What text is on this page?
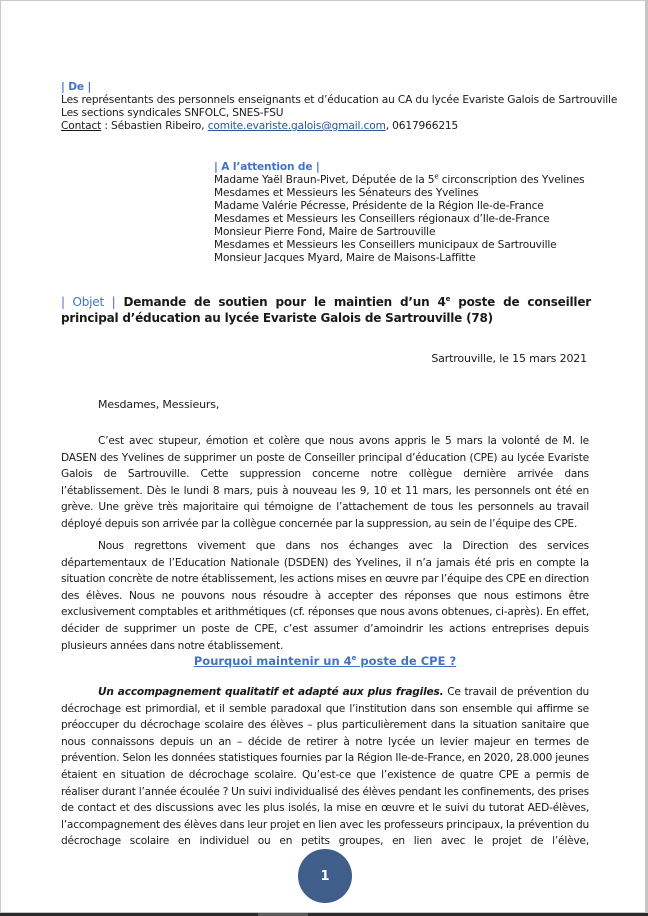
| De |
Les représentants des personnels enseignants et d’éducation au CA du lycée Evariste Galois de Sartrouville
Les sections syndicales SNFOLC, SNES-FSU
Contact : Sébastien Ribeiro, comite.evariste.galois@gmail.com, 0617966215
| A l’attention de |
Madame Yaël Braun-Pivet, Députée de la 5e circonscription des Yvelines
Mesdames et Messieurs les Sénateurs des Yvelines
Madame Valérie Pécresse, Présidente de la Région Ile-de-France
Mesdames et Messieurs les Conseillers régionaux d’Ile-de-France
Monsieur Pierre Fond, Maire de Sartrouville
Mesdames et Messieurs les Conseillers municipaux de Sartrouville
Monsieur Jacques Myard, Maire de Maisons-Laffitte
| Objet | Demande de soutien pour le maintien d’un 4e poste de conseiller principal d’éducation au lycée Evariste Galois de Sartrouville (78)
Sartrouville, le 15 mars 2021
Mesdames, Messieurs,
C’est avec stupeur, émotion et colère que nous avons appris le 5 mars la volonté de M. le DASEN des Yvelines de supprimer un poste de Conseiller principal d’éducation (CPE) au lycée Evariste Galois de Sartrouville. Cette suppression concerne notre collègue dernière arrivée dans l’établissement. Dès le lundi 8 mars, puis à nouveau les 9, 10 et 11 mars, les personnels ont été en grève. Une grève très majoritaire qui témoigne de l’attachement de tous les personnels au travail déployé depuis son arrivée par la collègue concernée par la suppression, au sein de l’équipe des CPE.
Nous regrettons vivement que dans nos échanges avec la Direction des services départementaux de l’Education Nationale (DSDEN) des Yvelines, il n’a jamais été pris en compte la situation concrète de notre établissement, les actions mises en œuvre par l’équipe des CPE en direction des élèves. Nous ne pouvons nous résoudre à accepter des réponses que nous estimons être exclusivement comptables et arithmétiques (cf. réponses que nous avons obtenues, ci-après). En effet, décider de supprimer un poste de CPE, c’est assumer d’amoindrir les actions entreprises depuis plusieurs années dans notre établissement.
Pourquoi maintenir un 4e poste de CPE ?
Un accompagnement qualitatif et adapté aux plus fragiles. Ce travail de prévention du décrochage est primordial, et il semble paradoxal que l’institution dans son ensemble qui affirme se préoccuper du décrochage scolaire des élèves – plus particulièrement dans la situation sanitaire que nous connaissons depuis un an – décide de retirer à notre lycée un levier majeur en termes de prévention. Selon les données statistiques fournies par la Région Ile-de-France, en 2020, 28.000 jeunes étaient en situation de décrochage scolaire. Qu’est-ce que l’existence de quatre CPE a permis de réaliser durant l’année écoulée ? Un suivi individualisé des élèves pendant les confinements, des prises de contact et des discussions avec les plus isolés, la mise en œuvre et le suivi du tutorat AED-élèves, l’accompagnement des élèves dans leur projet en lien avec les professeurs principaux, la prévention du décrochage scolaire en individuel ou en petits groupes, en lien avec le projet de l’élève,
1
